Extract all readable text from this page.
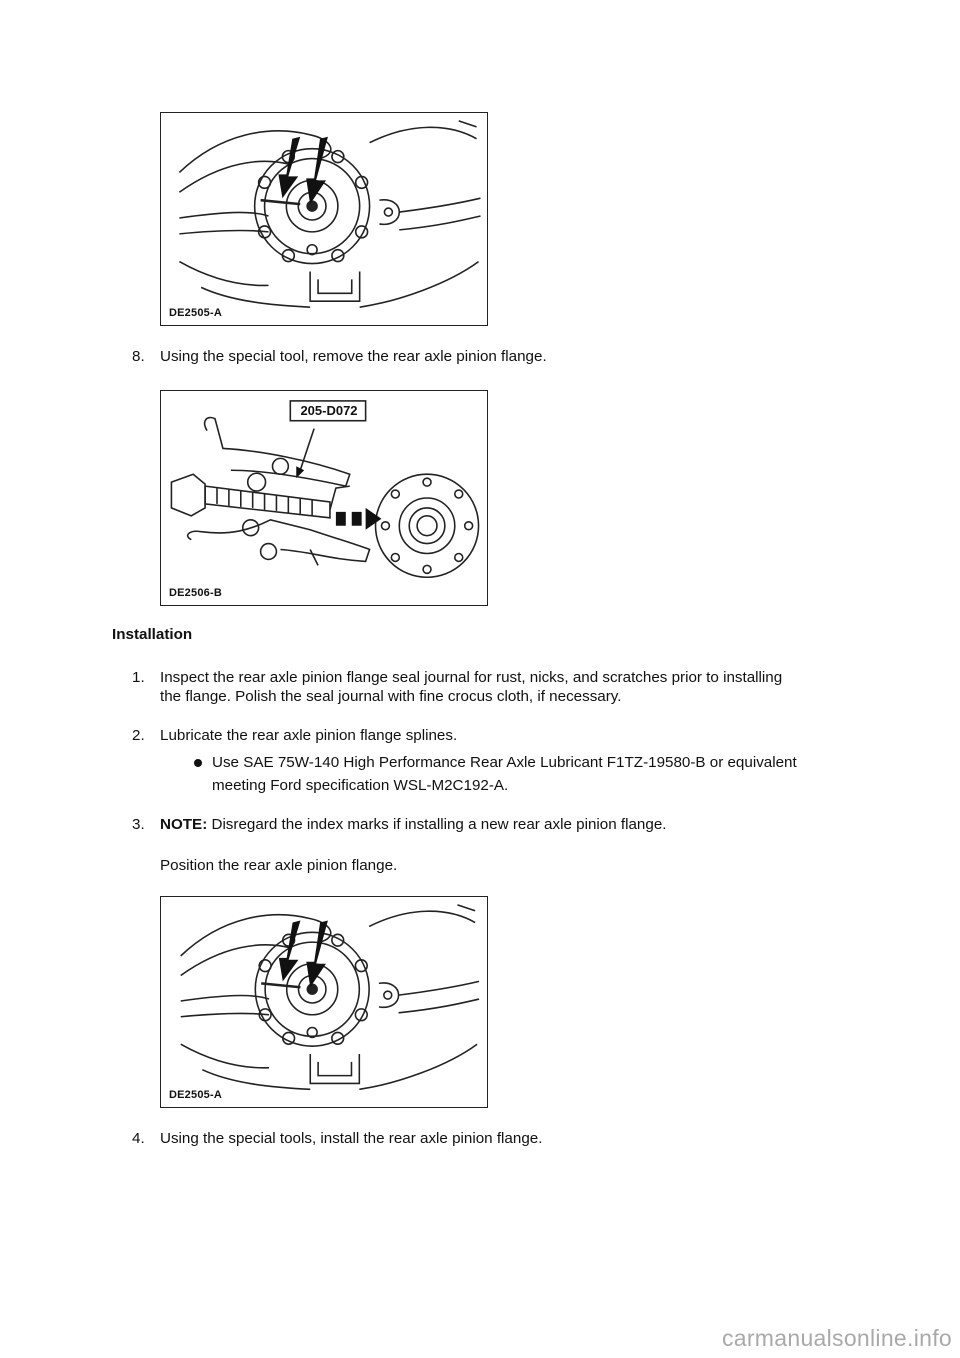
DE2505-A
8. Using the special tool, remove the rear axle pinion flange.
205-D072
DE2506-B
Installation
1. Inspect the rear axle pinion flange seal journal for rust, nicks, and scratches prior to installing
the flange. Polish the seal journal with fine crocus cloth, if necessary.
2. Lubricate the rear axle pinion flange splines.
Use SAE 75W-140 High Performance Rear Axle Lubricant F1TZ-19580-B or equivalent
meeting Ford specification WSL-M2C192-A.
3. NOTE: Disregard the index marks if installing a new rear axle pinion flange.
Position the rear axle pinion flange.
DE2505-A
4. Using the special tools, install the rear axle pinion flange.
carmanualsonline.info
